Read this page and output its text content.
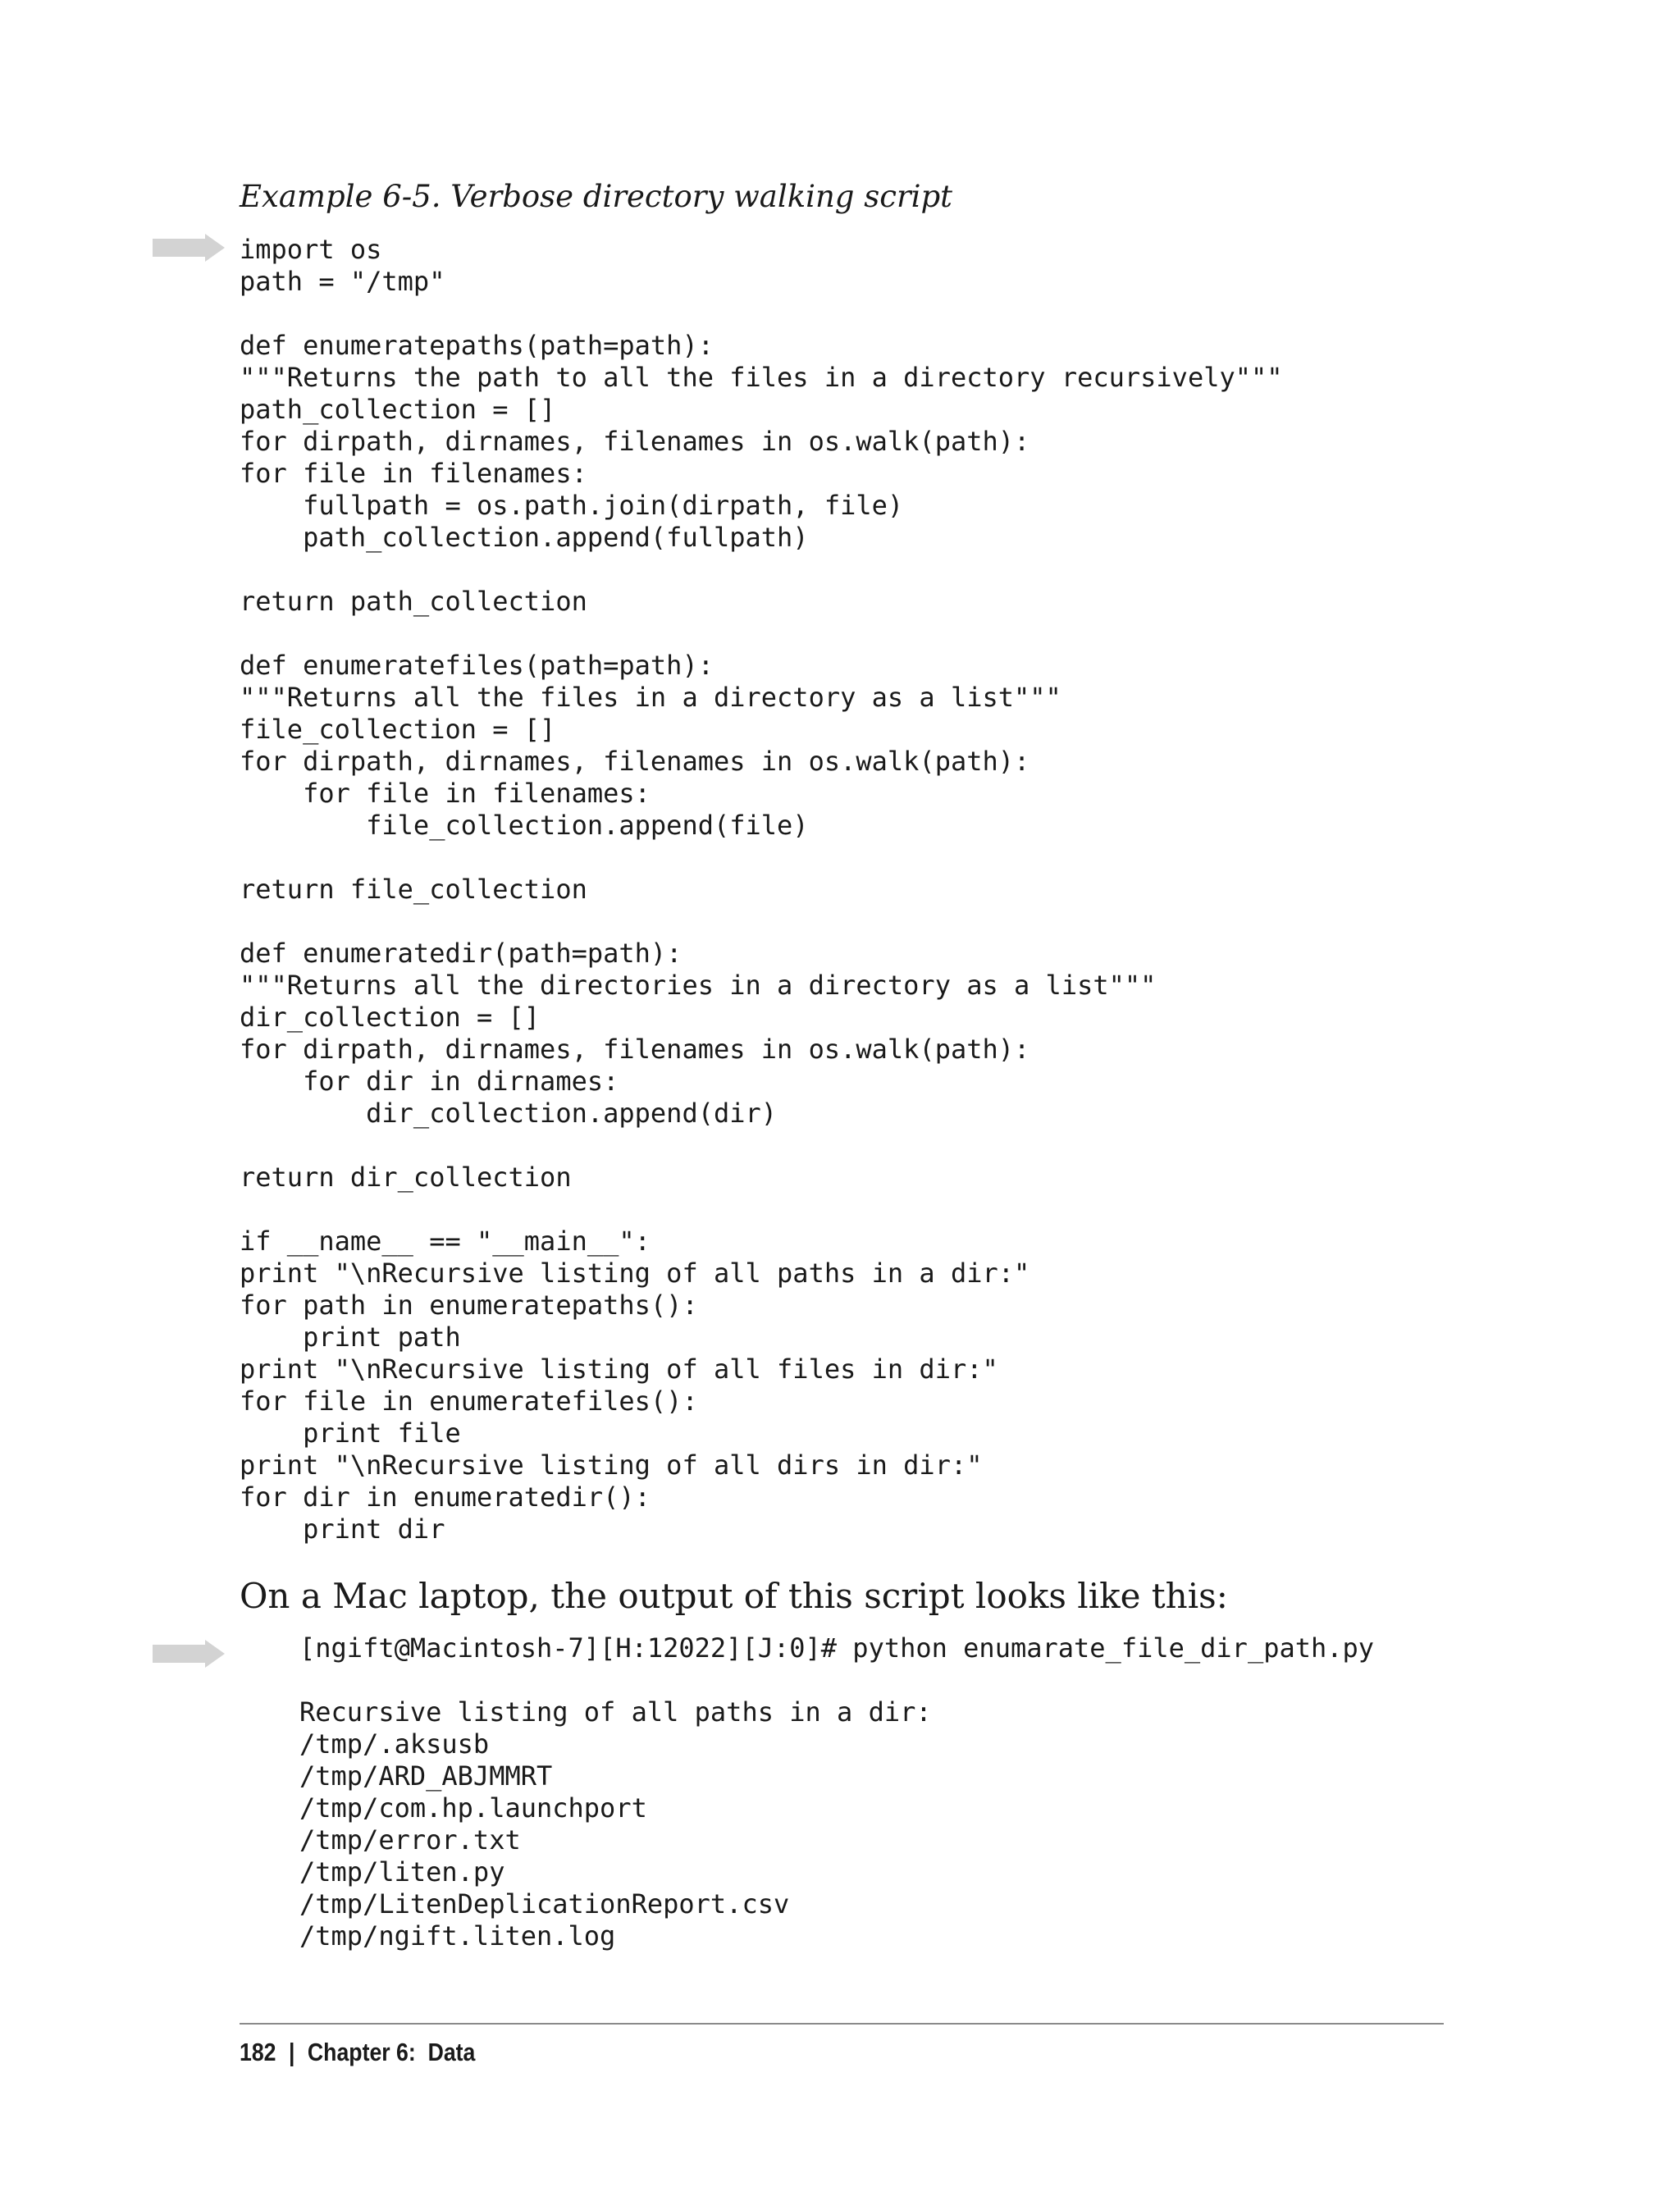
Example 6-5. Verbose directory walking script
import os
path = "/tmp"
def enumeratepaths(path=path):
"""Returns the path to all the files in a directory recursively"""
path_collection = []
for dirpath, dirnames, filenames in os.walk(path):
for file in filenames:
fullpath = os.path.join(dirpath, file)
path_collection.append(fullpath)
return path_collection
def enumeratefiles(path=path):
"""Returns all the files in a directory as a list"""
file_collection = []
for dirpath, dirnames, filenames in os.walk(path):
for file in filenames:
file_collection.append(file)
return file_collection
def enumeratedir(path=path):
"""Returns all the directories in a directory as a list"""
dir_collection = []
for dirpath, dirnames, filenames in os.walk(path):
for dir in dirnames:
dir_collection.append(dir)
return dir_collection
if __name__ == "__main__":
print "\nRecursive listing of all paths in a dir:"
for path in enumeratepaths():
print path
print "\nRecursive listing of all files in dir:"
for file in enumeratefiles():
print file
print "\nRecursive listing of all dirs in dir:"
for dir in enumeratedir():
print dir

On a Mac laptop, the output of this script looks like this:

[ngift@Macintosh-7][H:12022][J:0]# python enumarate_file_dir_path.py
Recursive listing of all paths in a dir:
/tmp/.aksusb
/tmp/ARD_ABJMMRT
/tmp/com.hp.launchport
/tmp/error.txt
/tmp/liten.py
/tmp/LitenDeplicationReport.csv
/tmp/ngift.liten.log
182 | Chapter 6:  Data
